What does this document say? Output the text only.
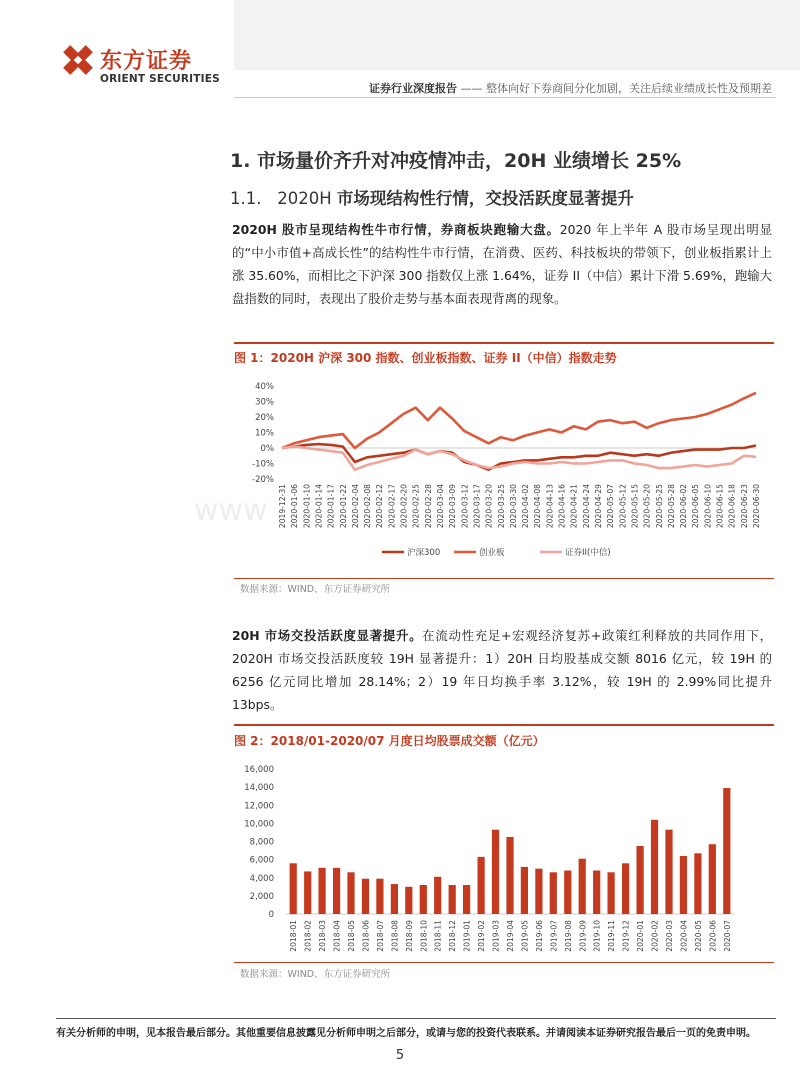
东方证券
ORIENT SECURITIES
证券行业深度报告 —— 整体向好下券商间分化加剧，关注后续业绩成长性及预期差
1. 市场量价齐升对冲疫情冲击，20H 业绩增长 25%
1.1. 2020H 市场现结构性行情，交投活跃度显著提升
2020H 股市呈现结构性牛市行情，券商板块跑输大盘。2020 年上半年 A 股市场呈现出明显的“中小市值+高成长性”的结构性牛市行情，在消费、医药、科技板块的带领下，创业板指累计上涨 35.60%，而相比之下沪深 300 指数仅上涨 1.64%，证券 II（中信）累计下滑 5.69%，跑输大盘指数的同时，表现出了股价走势与基本面表现背离的现象。
图 1：2020H 沪深 300 指数、创业板指数、证券 II（中信）指数走势
www
40%
30%
20%
10%
0%
-10%
-20%
2019-12-31 2020-01-06 2020-01-10 2020-01-14 2020-01-17 2020-01-22 2020-02-04 2020-02-08 2020-02-12 2020-02-17 2020-02-20 2020-02-25 2020-02-28 2020-03-04 2020-03-09 2020-03-12 2020-03-17 2020-03-20 2020-03-25 2020-03-30 2020-04-02 2020-04-08 2020-04-13 2020-04-16 2020-04-21 2020-04-24 2020-04-29 2020-05-07 2020-05-12 2020-05-15 2020-05-20 2020-05-25 2020-05-28 2020-06-02 2020-06-05 2020-06-10 2020-06-15 2020-06-18 2020-06-23 2020-06-30
沪深300	创业板	证券II(中信)
数据来源：WIND、东方证券研究所
20H 市场交投活跃度显著提升。在流动性充足+宏观经济复苏+政策红利释放的共同作用下，2020H 市场交投活跃度较 19H 显著提升：1）20H 日均股基成交额 8016 亿元，较 19H 的 6256 亿元同比增加 28.14%；2）19 年日均换手率 3.12%，较 19H 的 2.99%同比提升 13bps。
图 2：2018/01-2020/07 月度日均股票成交额（亿元）
16,000
14,000
12,000
10,000
8,000
6,000
4,000
2,000
0
2018-01 2018-02 2018-03 2018-04 2018-05 2018-06 2018-07 2018-08 2018-09 2018-10 2018-11 2018-12 2019-01 2019-02 2019-03 2019-04 2019-05 2019-06 2019-07 2019-08 2019-09 2019-10 2019-11 2019-12 2020-01 2020-02 2020-03 2020-04 2020-05 2020-06 2020-07
数据来源：WIND、东方证券研究所
有关分析师的申明，见本报告最后部分。其他重要信息披露见分析师申明之后部分，或请与您的投资代表联系。并请阅读本证券研究报告最后一页的免责申明。
5
